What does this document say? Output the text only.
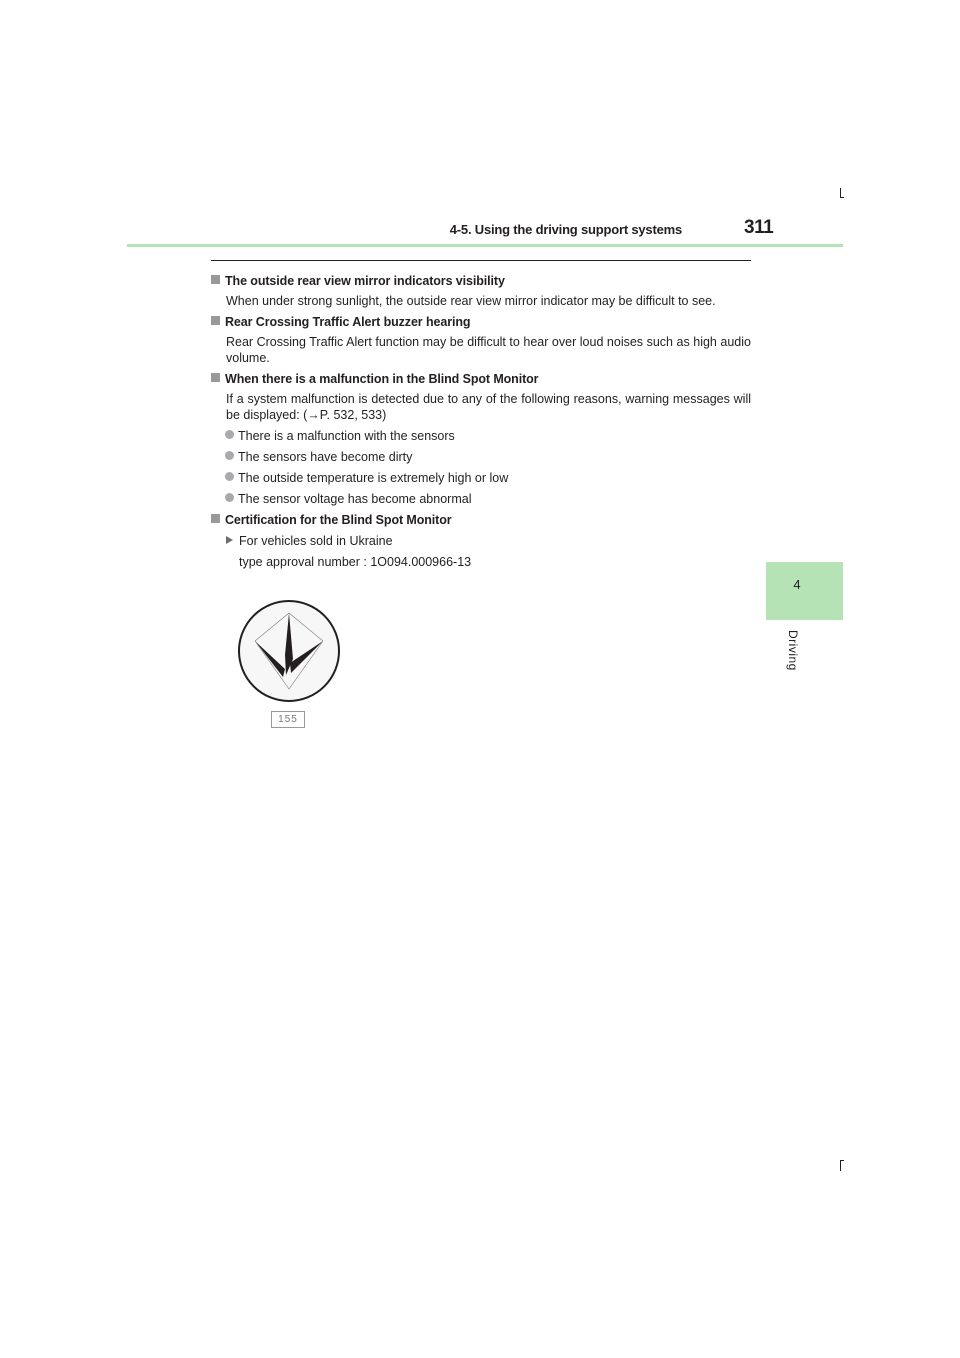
4-5. Using the driving support systems	311
4
Driving
The outside rear view mirror indicators visibility
When under strong sunlight, the outside rear view mirror indicator may be difficult to see.
Rear Crossing Traffic Alert buzzer hearing
Rear Crossing Traffic Alert function may be difficult to hear over loud noises such as high audio volume.
When there is a malfunction in the Blind Spot Monitor
If a system malfunction is detected due to any of the following reasons, warning messages will be displayed: (→P. 532, 533)
There is a malfunction with the sensors
The sensors have become dirty
The outside temperature is extremely high or low
The sensor voltage has become abnormal
Certification for the Blind Spot Monitor
For vehicles sold in Ukraine
type approval number : 1O094.000966-13
155
